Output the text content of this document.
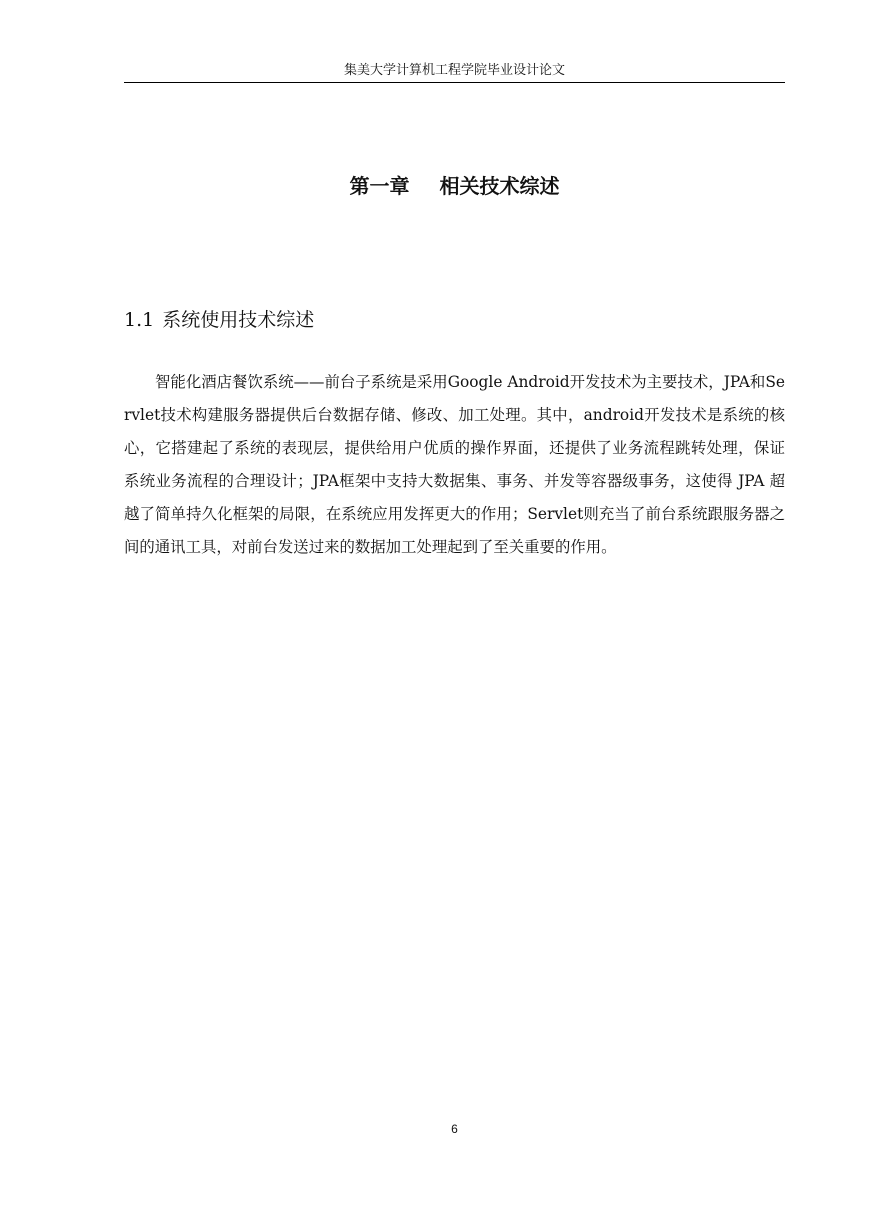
集美大学计算机工程学院毕业设计论文
第一章 相关技术综述
1.1 系统使用技术综述

智能化酒店餐饮系统——前台子系统是采用Google Android开发技术为主要技术，JPA和Servlet技术构建服务器提供后台数据存储、修改、加工处理。其中，android开发技术是系统的核心，它搭建起了系统的表现层，提供给用户优质的操作界面，还提供了业务流程跳转处理，保证系统业务流程的合理设计；JPA框架中支持大数据集、事务、并发等容器级事务，这使得 JPA 超越了简单持久化框架的局限，在系统应用发挥更大的作用；Servlet则充当了前台系统跟服务器之间的通讯工具，对前台发送过来的数据加工处理起到了至关重要的作用。

6
